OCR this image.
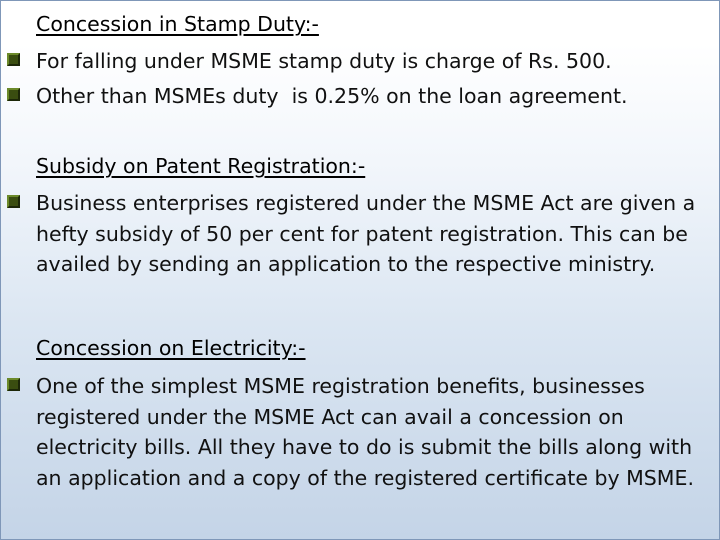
Concession in Stamp Duty:-
For falling under MSME stamp duty is charge of Rs. 500.
Other than MSMEs duty  is 0.25% on the loan agreement.
Subsidy on Patent Registration:-
Business enterprises registered under the MSME Act are given a hefty subsidy of 50 per cent for patent registration. This can be availed by sending an application to the respective ministry.
Concession on Electricity:-
One of the simplest MSME registration benefits, businesses registered under the MSME Act can avail a concession on electricity bills. All they have to do is submit the bills along with an application and a copy of the registered certificate by MSME.
